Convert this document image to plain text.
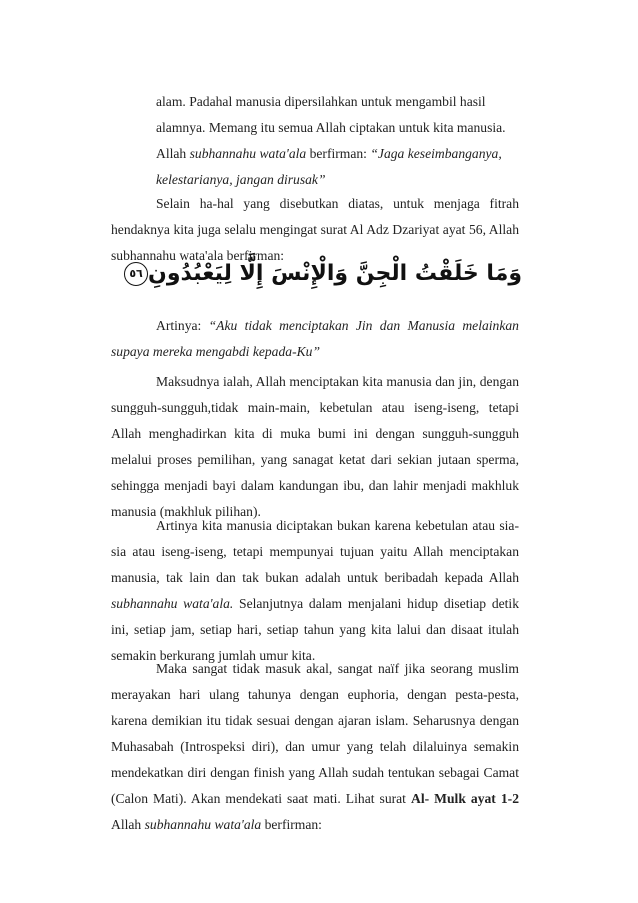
alam. Padahal manusia dipersilahkan untuk mengambil hasil
alamnya. Memang itu semua Allah ciptakan untuk kita manusia.
Allah subhannahu wata'ala berfirman: “Jaga keseimbanganya,
kelestarianya, jangan dirusak”

Selain ha-hal yang disebutkan diatas, untuk menjaga fitrah hendaknya kita juga selalu mengingat surat Al Adz Dzariyat ayat 56, Allah subhannahu wata'ala berfirman:

وَمَا خَلَقْتُ الْجِنَّ وَالْإِنْسَ إِلَّا لِيَعْبُدُونِ٥٦

Artinya: “Aku tidak menciptakan Jin dan Manusia melainkan supaya mereka mengabdi kepada-Ku”

Maksudnya ialah, Allah menciptakan kita manusia dan jin, dengan sungguh-sungguh,tidak main-main, kebetulan atau iseng-iseng, tetapi Allah menghadirkan kita di muka bumi ini dengan sungguh-sungguh melalui proses pemilihan, yang sanagat ketat dari sekian jutaan sperma, sehingga menjadi bayi dalam kandungan ibu, dan lahir menjadi makhluk manusia (makhluk pilihan).

Artinya kita manusia diciptakan bukan karena kebetulan atau sia-sia atau iseng-iseng, tetapi mempunyai tujuan yaitu Allah menciptakan manusia, tak lain dan tak bukan adalah untuk beribadah kepada Allah subhannahu wata'ala. Selanjutnya dalam menjalani hidup disetiap detik ini, setiap jam, setiap hari, setiap tahun yang kita lalui dan disaat itulah semakin berkurang jumlah umur kita.

Maka sangat tidak masuk akal, sangat naïf jika seorang muslim merayakan hari ulang tahunya dengan euphoria, dengan pesta-pesta, karena demikian itu tidak sesuai dengan ajaran islam. Seharusnya dengan Muhasabah (Introspeksi diri), dan umur yang telah dilaluinya semakin mendekatkan diri dengan finish yang Allah sudah tentukan sebagai Camat (Calon Mati). Akan mendekati saat mati. Lihat surat Al- Mulk ayat 1-2 Allah subhannahu wata'ala berfirman:
